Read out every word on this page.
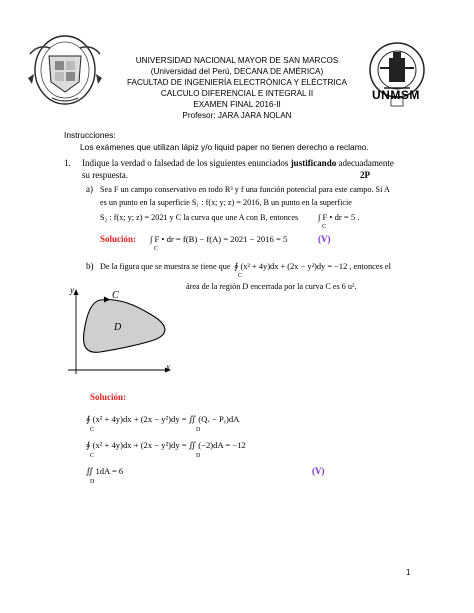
UNMSM
UNIVERSIDAD NACIONAL MAYOR DE SAN MARCOS
(Universidad del Perú, DECANA DE AMÉRICA)
FACULTAD DE INGENIERÍA ELECTRÓNICA Y ELÉCTRICA
CALCULO DIFERENCIAL E INTEGRAL II
EXAMEN FINAL 2016-II
Profesor: JARA JARA NOLAN
Instrucciones:
Los exámenes que utilizan lápiz y/o liquid paper no tienen derecho a reclamo.
1. Indique la verdad o falsedad de los siguientes enunciados justificando adecuadamente
su respuesta.	2P
a) Sea F un campo conservativo en todo R³ y f una función potencial para este campo. Si A
es un punto en la superficie S₁ : f(x; y; z) = 2016, B un punto en la superficie
S₂ : f(x; y; z) = 2021 y C la curva que une A con B, entonces ∫ F • dr = 5 .
C
Solución: ∫ F • dr = f(B) − f(A) = 2021 − 2016 = 5
C
(V)
b) De la figura que se muestra se tiene que ∮ (x² + 4y)dx + (2x − y²)dy = −12 , entonces el
C
área de la región D encerrada por la curva C es 6 u².
y
x
C
D
Solución:
∮ (x² + 4y)dx + (2x − y²)dy = ∬ (Qₓ − Pᵧ)dA
C	D
∮ (x² + 4y)dx + (2x − y²)dy = ∬ (−2)dA = −12
C	D
∬ 1dA = 6
D
(V)
1
